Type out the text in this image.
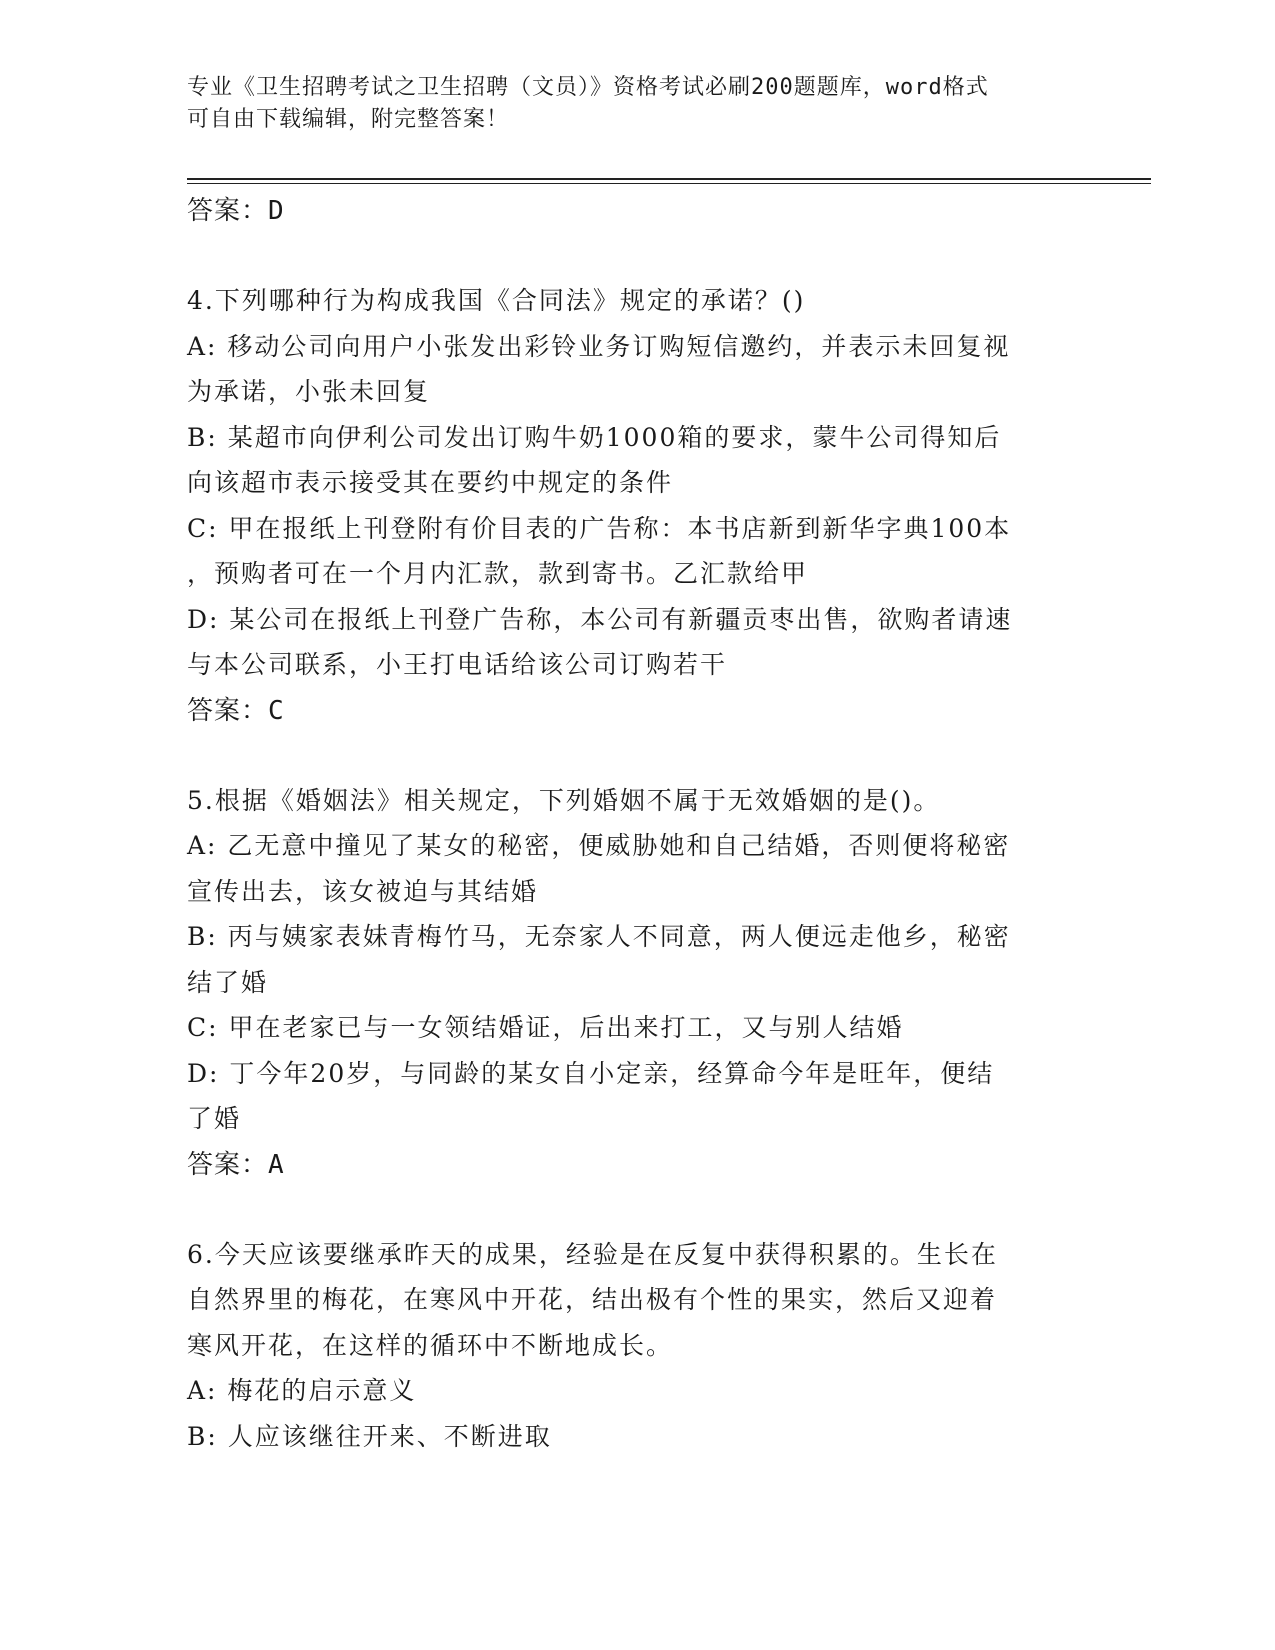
专业《卫生招聘考试之卫生招聘（文员）》资格考试必刷200题题库，word格式
可自由下载编辑，附完整答案！
答案：D
4.下列哪种行为构成我国《合同法》规定的承诺？()
A: 移动公司向用户小张发出彩铃业务订购短信邀约，并表示未回复视
为承诺，小张未回复
B: 某超市向伊利公司发出订购牛奶1000箱的要求，蒙牛公司得知后
向该超市表示接受其在要约中规定的条件
C: 甲在报纸上刊登附有价目表的广告称：本书店新到新华字典100本
，预购者可在一个月内汇款，款到寄书。乙汇款给甲
D: 某公司在报纸上刊登广告称，本公司有新疆贡枣出售，欲购者请速
与本公司联系，小王打电话给该公司订购若干
答案：C
5.根据《婚姻法》相关规定，下列婚姻不属于无效婚姻的是()。
A: 乙无意中撞见了某女的秘密，便威胁她和自己结婚，否则便将秘密
宣传出去，该女被迫与其结婚
B: 丙与姨家表妹青梅竹马，无奈家人不同意，两人便远走他乡，秘密
结了婚
C: 甲在老家已与一女领结婚证，后出来打工，又与别人结婚
D: 丁今年20岁，与同龄的某女自小定亲，经算命今年是旺年，便结
了婚
答案：A
6.今天应该要继承昨天的成果，经验是在反复中获得积累的。生长在
自然界里的梅花，在寒风中开花，结出极有个性的果实，然后又迎着
寒风开花，在这样的循环中不断地成长。
A: 梅花的启示意义
B: 人应该继往开来、不断进取
